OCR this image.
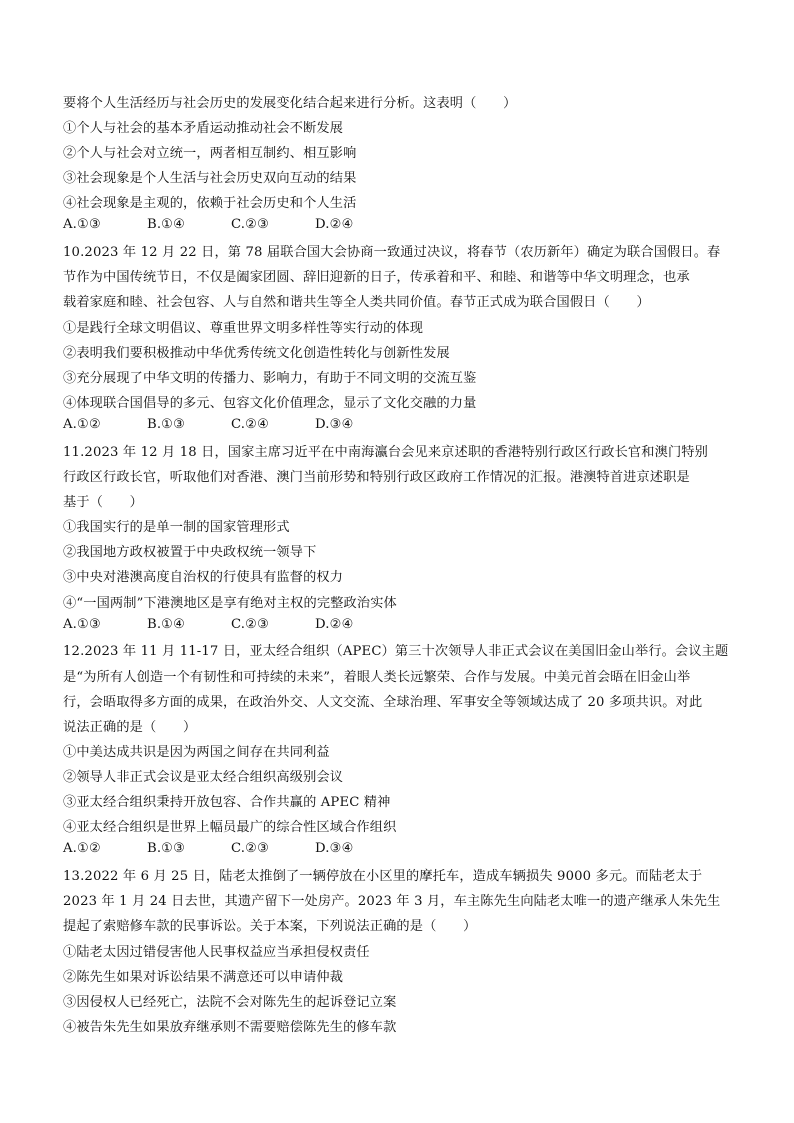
要将个人生活经历与社会历史的发展变化结合起来进行分析。这表明（　　）
①个人与社会的基本矛盾运动推动社会不断发展
②个人与社会对立统一，两者相互制约、相互影响
③社会现象是个人生活与社会历史双向互动的结果
④社会现象是主观的，依赖于社会历史和个人生活
A.①③	B.①④	C.②③	D.②④
10.2023 年 12 月 22 日，第 78 届联合国大会协商一致通过决议，将春节（农历新年）确定为联合国假日。春
节作为中国传统节日，不仅是阖家团圆、辞旧迎新的日子，传承着和平、和睦、和谐等中华文明理念，也承
载着家庭和睦、社会包容、人与自然和谐共生等全人类共同价值。春节正式成为联合国假日（　　）
①是践行全球文明倡议、尊重世界文明多样性等实行动的体现
②表明我们要积极推动中华优秀传统文化创造性转化与创新性发展
③充分展现了中华文明的传播力、影响力，有助于不同文明的交流互鉴
④体现联合国倡导的多元、包容文化价值理念，显示了文化交融的力量
A.①②	B.①③	C.②④	D.③④
11.2023 年 12 月 18 日，国家主席习近平在中南海瀛台会见来京述职的香港特别行政区行政长官和澳门特别
行政区行政长官，听取他们对香港、澳门当前形势和特别行政区政府工作情况的汇报。港澳特首进京述职是
基于（　　）
①我国实行的是单一制的国家管理形式
②我国地方政权被置于中央政权统一领导下
③中央对港澳高度自治权的行使具有监督的权力
④“一国两制”下港澳地区是享有绝对主权的完整政治实体
A.①③	B.①④	C.②③	D.②④
12.2023 年 11 月 11-17 日，亚太经合组织（APEC）第三十次领导人非正式会议在美国旧金山举行。会议主题
是“为所有人创造一个有韧性和可持续的未来”，着眼人类长远繁荣、合作与发展。中美元首会晤在旧金山举
行，会晤取得多方面的成果，在政治外交、人文交流、全球治理、军事安全等领域达成了 20 多项共识。对此
说法正确的是（　　）
①中美达成共识是因为两国之间存在共同利益
②领导人非正式会议是亚太经合组织高级别会议
③亚太经合组织秉持开放包容、合作共赢的 APEC 精神
④亚太经合组织是世界上幅员最广的综合性区域合作组织
A.①②	B.①③	C.②③	D.③④
13.2022 年 6 月 25 日，陆老太推倒了一辆停放在小区里的摩托车，造成车辆损失 9000 多元。而陆老太于
2023 年 1 月 24 日去世，其遗产留下一处房产。2023 年 3 月，车主陈先生向陆老太唯一的遗产继承人朱先生
提起了索赔修车款的民事诉讼。关于本案，下列说法正确的是（　　）
①陆老太因过错侵害他人民事权益应当承担侵权责任
②陈先生如果对诉讼结果不满意还可以申请仲裁
③因侵权人已经死亡，法院不会对陈先生的起诉登记立案
④被告朱先生如果放弃继承则不需要赔偿陈先生的修车款
